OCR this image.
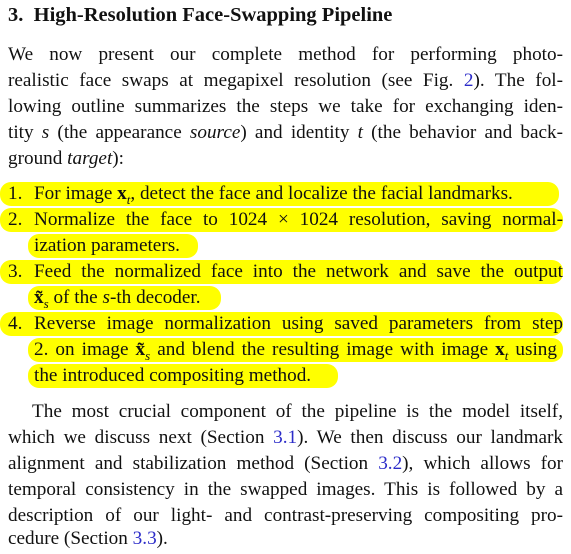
3. High-Resolution Face-Swapping Pipeline
We now present our complete method for performing photo-
realistic face swaps at megapixel resolution (see Fig. 2). The fol-
lowing outline summarizes the steps we take for exchanging iden-
tity s (the appearance source) and identity t (the behavior and back-
ground target):
1. For image $x_t$, detect the face and localize the facial landmarks.
2. Normalize the face to 1024 × 1024 resolution, saving normal-
ization parameters.
3. Feed the normalized face into the network and save the output
$x̃_s$ of the s-th decoder.
4. Reverse image normalization using saved parameters from step
2. on image $x̃_s$ and blend the resulting image with image $x_t$ using
the introduced compositing method.
The most crucial component of the pipeline is the model itself,
which we discuss next (Section 3.1). We then discuss our landmark
alignment and stabilization method (Section 3.2), which allows for
temporal consistency in the swapped images. This is followed by a
description of our light- and contrast-preserving compositing pro-
cedure (Section 3.3).
